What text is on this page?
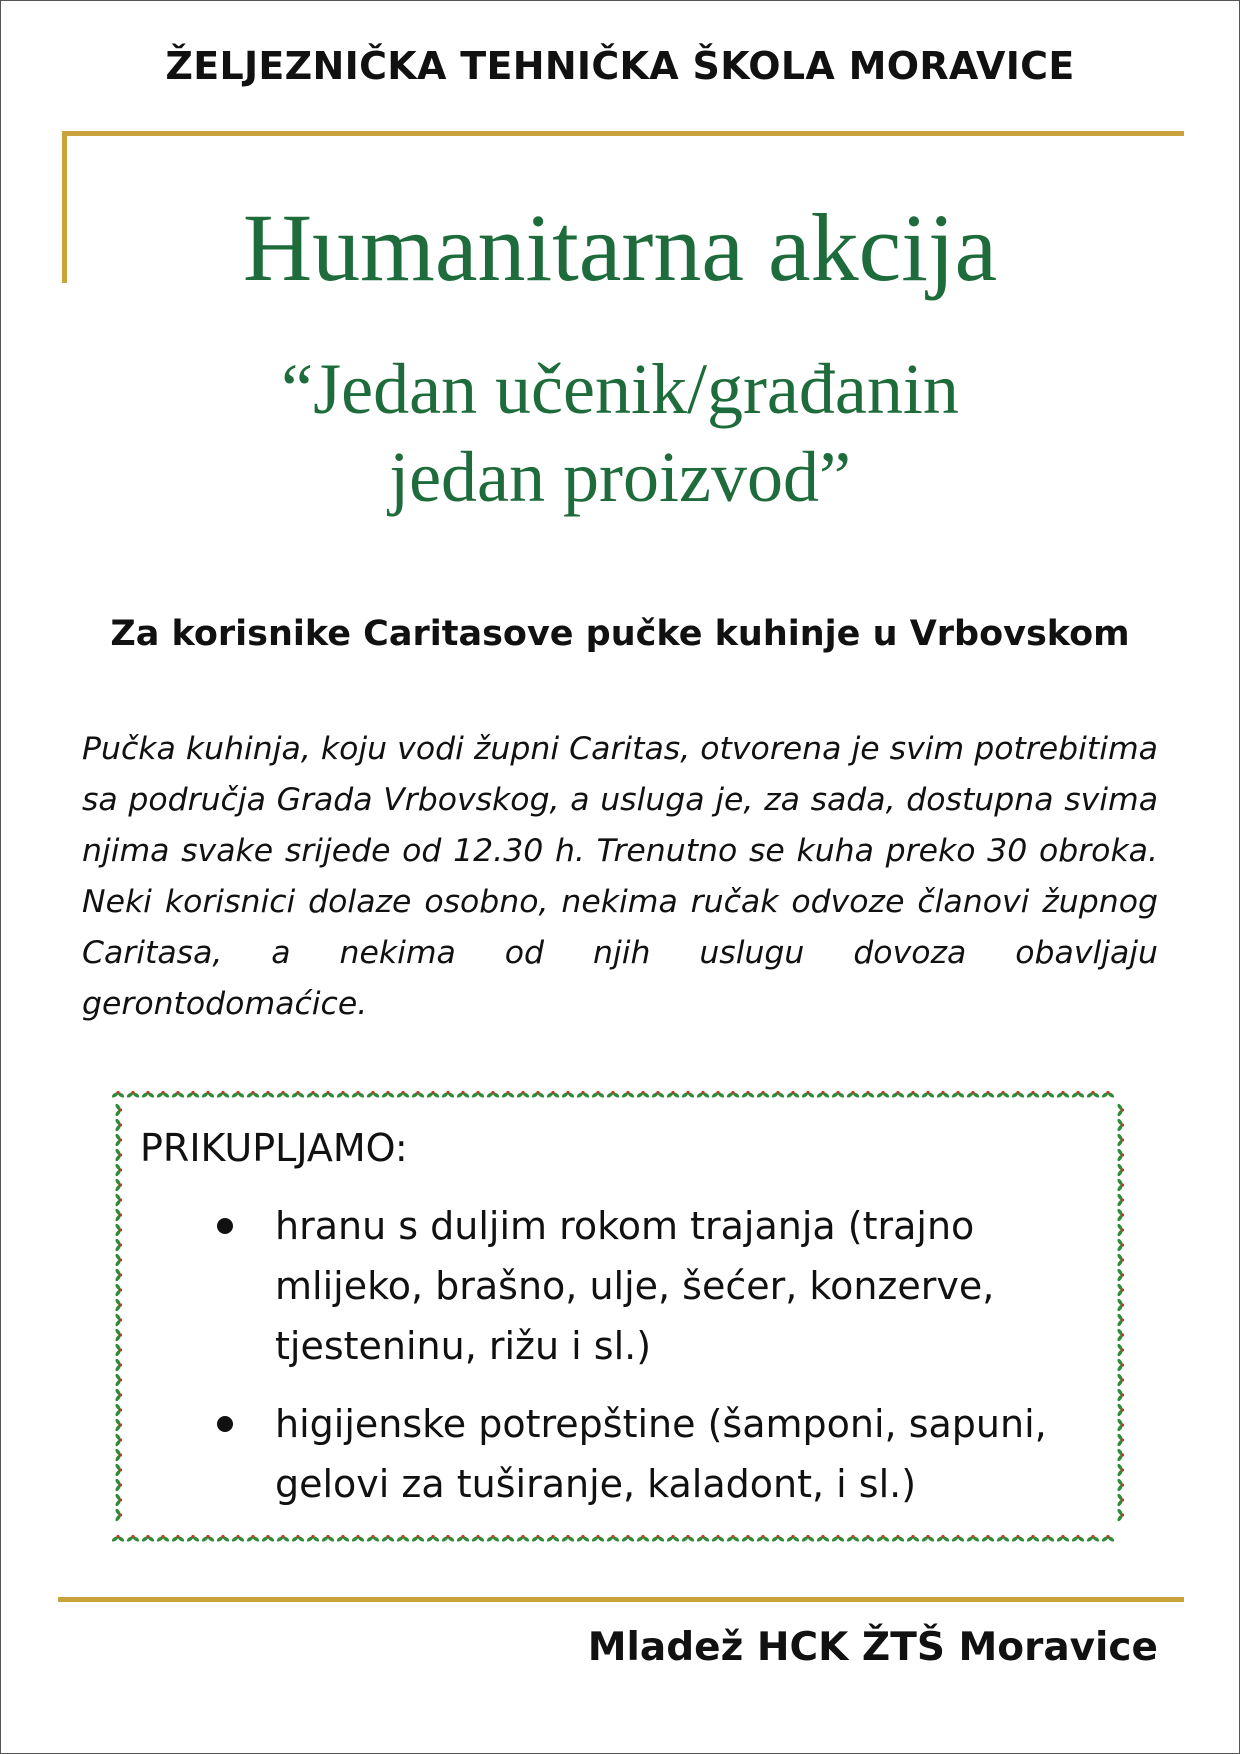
ŽELJEZNIČKA TEHNIČKA ŠKOLA MORAVICE
Humanitarna akcija
“Jedan učenik/građanin
jedan proizvod”
Za korisnike Caritasove pučke kuhinje u Vrbovskom

Pučka kuhinja, koju vodi župni Caritas, otvorena je svim potrebitima sa područja Grada Vrbovskog, a usluga je, za sada, dostupna svima njima svake srijede od 12.30 h. Trenutno se kuha preko 30 obroka. Neki korisnici dolaze osobno, nekima ručak odvoze članovi župnog Caritasa, a nekima od njih uslugu dovoza obavljaju gerontodomaćice.

PRIKUPLJAMO:
hranu s duljim rokom trajanja (trajno mlijeko, brašno, ulje, šećer, konzerve, tjesteninu, rižu i sl.)
higijenske potrepštine (šamponi, sapuni, gelovi za tuširanje, kaladont, i sl.)
Mladež HCK ŽTŠ Moravice
